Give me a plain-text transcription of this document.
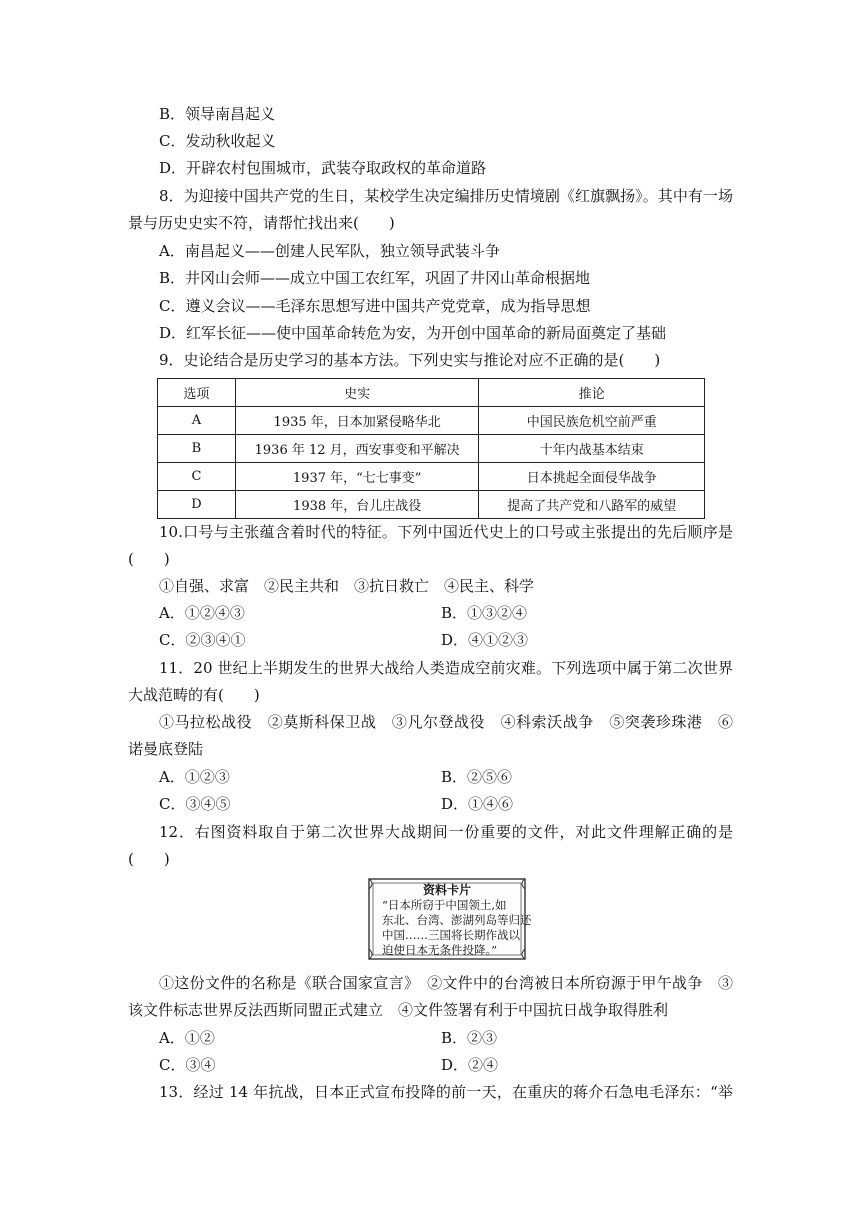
B．领导南昌起义
C．发动秋收起义
D．开辟农村包围城市，武装夺取政权的革命道路
8．为迎接中国共产党的生日，某校学生决定编排历史情境剧《红旗飘扬》。其中有一场
景与历史史实不符，请帮忙找出来(　　)
A．南昌起义——创建人民军队，独立领导武装斗争
B．井冈山会师——成立中国工农红军，巩固了井冈山革命根据地
C．遵义会议——毛泽东思想写进中国共产党党章，成为指导思想
D．红军长征——使中国革命转危为安，为开创中国革命的新局面奠定了基础
9．史论结合是历史学习的基本方法。下列史实与推论对应不正确的是(　　)
选项	史实	推论
A	1935 年，日本加紧侵略华北	中国民族危机空前严重
B	1936 年 12 月，西安事变和平解决	十年内战基本结束
C	1937 年，“七七事变”	日本挑起全面侵华战争
D	1938 年，台儿庄战役	提高了共产党和八路军的威望
10.口号与主张蕴含着时代的特征。下列中国近代史上的口号或主张提出的先后顺序是
(　　)
①自强、求富　②民主共和　③抗日救亡　④民主、科学
A．①②④③	B．①③②④
C．②③④①	D．④①②③
11．20 世纪上半期发生的世界大战给人类造成空前灾难。下列选项中属于第二次世界
大战范畴的有(　　)
①马拉松战役　②莫斯科保卫战　③凡尔登战役　④科索沃战争　⑤突袭珍珠港　⑥
诺曼底登陆
A．①②③	B．②⑤⑥
C．③④⑤	D．①④⑥
12．右图资料取自于第二次世界大战期间一份重要的文件，对此文件理解正确的是
(　　)
资料卡片
“日本所窃于中国领土,如
东北、台湾、澎湖列岛等归还
中国……三国将长期作战以
迫使日本无条件投降。”
①这份文件的名称是《联合国家宣言》　②文件中的台湾被日本所窃源于甲午战争　③
该文件标志世界反法西斯同盟正式建立　④文件签署有利于中国抗日战争取得胜利
A．①②	B．②③
C．③④	D．②④
13．经过 14 年抗战，日本正式宣布投降的前一天，在重庆的蒋介石急电毛泽东：“举
